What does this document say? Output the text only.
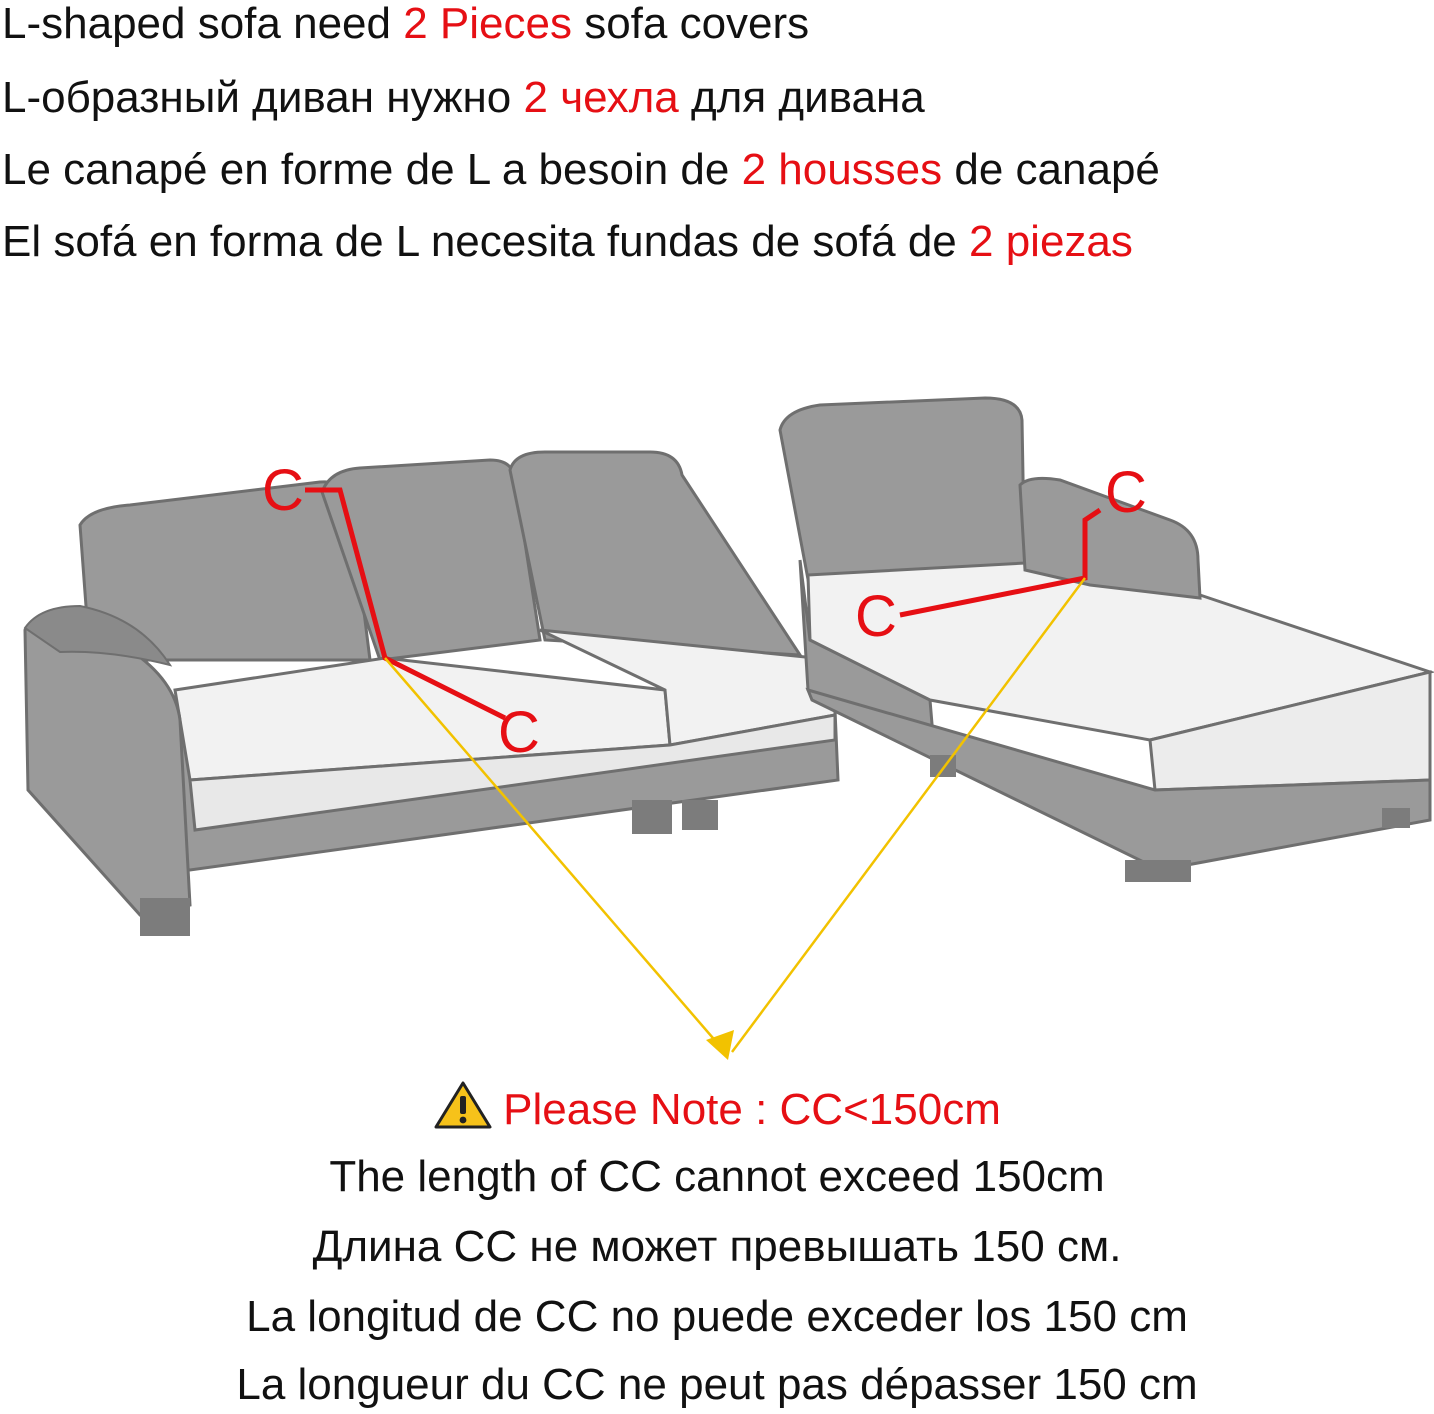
L-shaped sofa need 2 Pieces sofa covers
L-образный диван нужно 2 чехла для дивана
Le canapé en forme de L a besoin de 2 housses de canapé
El sofá en forma de L necesita fundas de sofá de 2 piezas
C
C
C
C
Please Note : CC<150cm
The length of CC cannot exceed 150cm
Длина CC не может превышать 150 см.
La longitud de CC no puede exceder los 150 cm
La longueur du CC ne peut pas dépasser 150 cm
